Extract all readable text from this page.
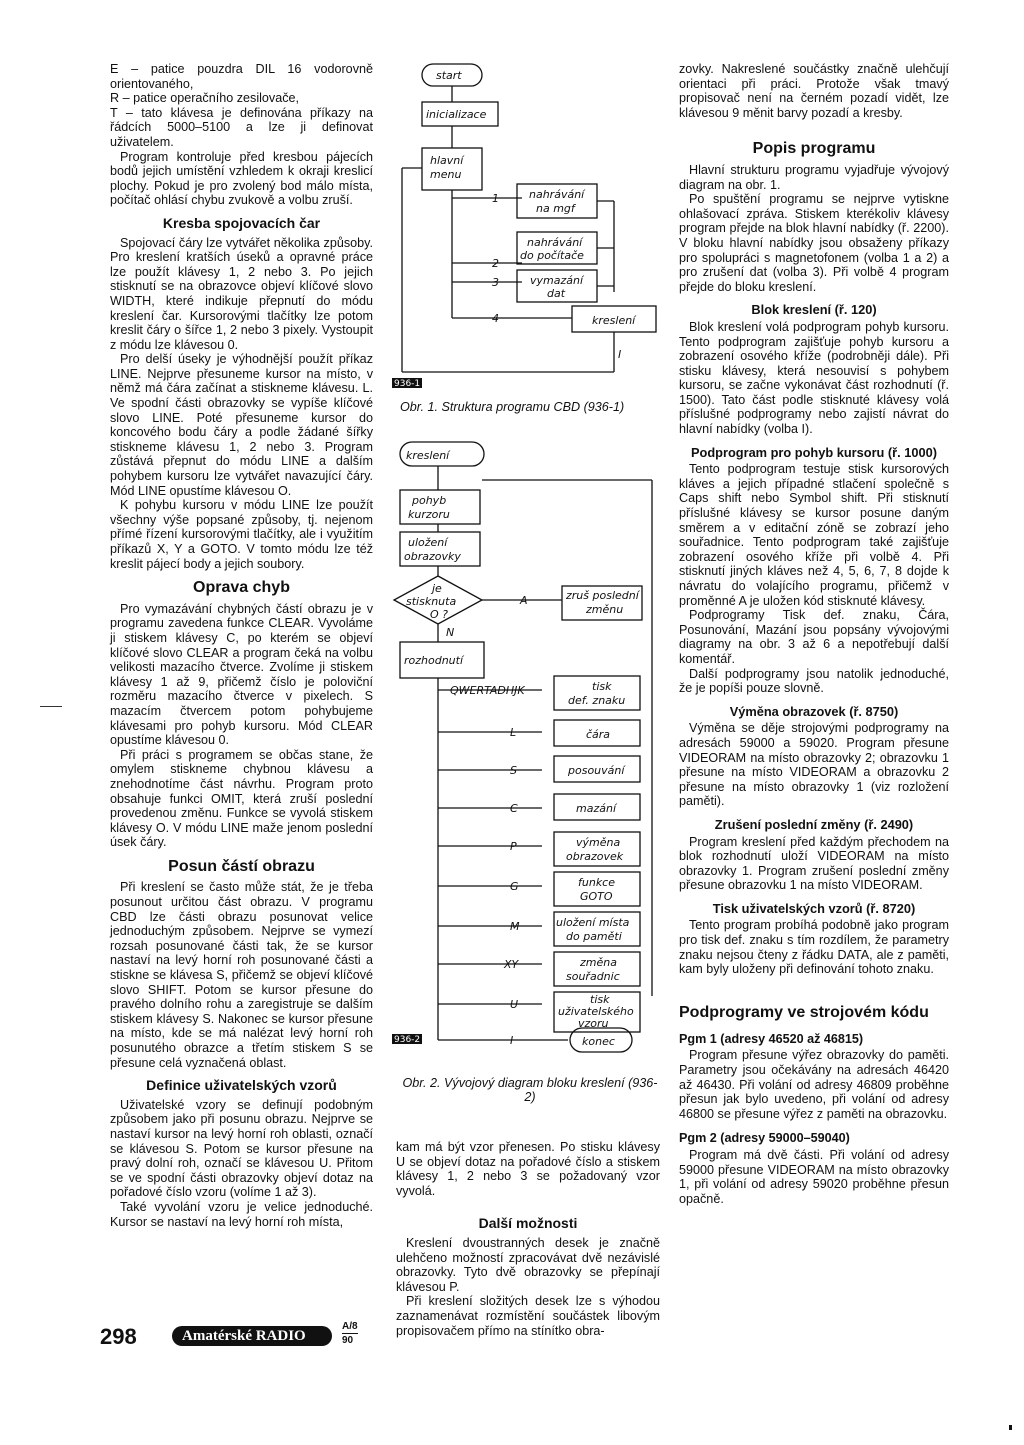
E – patice pouzdra DIL 16 vodorovně orientovaného,

R – patice operačního zesilovače,

T – tato klávesa je definována příkazy na řádcích 5000–5100 a lze ji definovat uživatelem.

Program kontroluje před kresbou pájecích bodů jejich umístění vzhledem k okraji kreslicí plochy. Pokud je pro zvolený bod málo místa, počítač ohlásí chybu zvukově a volbu zruší.

Kresba spojovacích čar

Spojovací čáry lze vytvářet několika způsoby. Pro kreslení kratších úseků a opravné práce lze použít klávesy 1, 2 nebo 3. Po jejich stisknutí se na obrazovce objeví klíčové slovo WIDTH, které indikuje přepnutí do módu kreslení čar. Kursorovými tlačítky lze potom kreslit čáry o šířce 1, 2 nebo 3 pixely. Vystoupit z módu lze klávesou 0.

Pro delší úseky je výhodnější použít příkaz LINE. Nejprve přesuneme kursor na místo, v němž má čára začínat a stiskneme klávesu. L. Ve spodní části obrazovky se vypíše klíčové slovo LINE. Poté přesuneme kursor do koncového bodu čáry a podle žádané šířky stiskneme klávesu 1, 2 nebo 3. Program zůstává přepnut do módu LINE a dalším pohybem kursoru lze vytvářet navazující čáry. Mód LINE opustíme klávesou O.

K pohybu kursoru v módu LINE lze použít všechny výše popsané způsoby, tj. nejenom přímé řízení kursorovými tlačítky, ale i využitím příkazů X, Y a GOTO. V tomto módu lze též kreslit pájecí body a jejich soubory.

Oprava chyb

Pro vymazávání chybných částí obrazu je v programu zavedena funkce CLEAR. Vyvoláme ji stiskem klávesy C, po kterém se objeví klíčové slovo CLEAR a program čeká na volbu velikosti mazacího čtverce. Zvolíme ji stiskem klávesy 1 až 9, přičemž číslo je poloviční rozměru mazacího čtverce v pixelech. S mazacím čtvercem potom pohybujeme klávesami pro pohyb kursoru. Mód CLEAR opustíme klávesou 0.

Při práci s programem se občas stane, že omylem stiskneme chybnou klávesu a znehodnotíme část návrhu. Program proto obsahuje funkci OMIT, která zruší poslední provedenou změnu. Funkce se vyvolá stiskem klávesy O. V módu LINE maže jenom poslední úsek čáry.

Posun částí obrazu

Při kreslení se často může stát, že je třeba posunout určitou část obrazu. V programu CBD lze části obrazu posunovat velice jednoduchým způsobem. Nejprve se vymezí rozsah posunované části tak, že se kursor nastaví na levý horní roh posunované části a stiskne se klávesa S, přičemž se objeví klíčové slovo SHIFT. Potom se kursor přesune do pravého dolního rohu a zaregistruje se dalším stiskem klávesy S. Nakonec se kursor přesune na místo, kde se má nalézat levý horní roh posunutého obrazce a třetím stiskem S se přesune celá vyznačená oblast.

Definice uživatelských vzorů

Uživatelské vzory se definují podobným způsobem jako při posunu obrazu. Nejprve se nastaví kursor na levý horní roh oblasti, označí se klávesou S. Potom se kursor přesune na pravý dolní roh, označí se klávesou U. Přitom se ve spodní části obrazovky objeví dotaz na pořadové číslo vzoru (volíme 1 až 3).

Také vyvolání vzoru je velice jednoduché. Kursor se nastaví na levý horní roh místa,

start
inicializace
hlavní
menu
1
2
3
4
nahrávání
na mgf
nahrávání
do počítače
vymazání
dat
kreslení
I
936-1
Obr. 1. Struktura programu CBD (936-1)
kreslení
pohyb
kurzoru
uložení
obrazovky
je
stisknuta
O ?
A
N
zruš poslední
změnu
rozhodnutí
QWERTADHJK
L
S
C
P
G
M
XY
U
I
tisk
def. znaku
čára
posouvání
mazání
výměna
obrazovek
funkce
GOTO
uložení místa
do paměti
změna
souřadnic
tisk
uživatelského
vzoru
konec
936-2
Obr. 2. Vývojový diagram bloku kreslení (936-2)

kam má být vzor přenesen. Po stisku klávesy U se objeví dotaz na pořadové číslo a stiskem klávesy 1, 2 nebo 3 se požadovaný vzor vyvolá.

Další možnosti

Kreslení dvoustranných desek je značně ulehčeno možností zpracovávat dvě nezávislé obrazovky. Tyto dvě obrazovky se přepínají klávesou P.

Při kreslení složitých desek lze s výhodou zaznamenávat rozmístění součástek libovým propisovačem přímo na stínítko obra-

zovky. Nakreslené součástky značně ulehčují orientaci při práci. Protože však tmavý propisovač není na černém pozadí vidět, lze klávesou 9 měnit barvy pozadí a kresby.

Popis programu

Hlavní strukturu programu vyjadřuje vývojový diagram na obr. 1.

Po spuštění programu se nejprve vytiskne ohlašovací zpráva. Stiskem kterékoliv klávesy program přejde na blok hlavní nabídky (ř. 2200). V bloku hlavní nabídky jsou obsaženy příkazy pro spolupráci s magnetofonem (volba 1 a 2) a pro zrušení dat (volba 3). Při volbě 4 program přejde do bloku kreslení.

Blok kreslení (ř. 120)

Blok kreslení volá podprogram pohyb kursoru. Tento podprogram zajišťuje pohyb kursoru a zobrazení osového kříže (podrobněji dále). Při stisku klávesy, která nesouvisí s pohybem kursoru, se začne vykonávat část rozhodnutí (ř. 1500). Tato část podle stisknuté klávesy volá příslušné podprogramy nebo zajistí návrat do hlavní nabídky (volba I).

Podprogram pro pohyb kursoru (ř. 1000)

Tento podprogram testuje stisk kursorových kláves a jejich případné stlačení společně s Caps shift nebo Symbol shift. Při stisknutí příslušné klávesy se kursor posune daným směrem a v editační zóně se zobrazí jeho souřadnice. Tento podprogram také zajišťuje zobrazení osového kříže při volbě 4. Při stisknutí jiných kláves než 4, 5, 6, 7, 8 dojde k návratu do volajícího programu, přičemž v proměnné A je uložen kód stisknuté klávesy.

Podprogramy Tisk def. znaku, Čára, Posunování, Mazání jsou popsány vývojovými diagramy na obr. 3 až 6 a nepotřebují další komentář.

Další podprogramy jsou natolik jednoduché, že je popíši pouze slovně.

Výměna obrazovek (ř. 8750)

Výměna se děje strojovými podprogramy na adresách 59000 a 59020. Program přesune VIDEORAM na místo obrazovky 2; obrazovku 1 přesune na místo VIDEORAM a obrazovku 2 přesune na místo obrazovky 1 (viz rozložení paměti).

Zrušení poslední změny (ř. 2490)

Program kreslení před každým přechodem na blok rozhodnutí uloží VIDEORAM na místo obrazovky 1. Program zrušení poslední změny přesune obrazovku 1 na místo VIDEORAM.

Tisk uživatelských vzorů (ř. 8720)

Tento program probíhá podobně jako program pro tisk def. znaku s tím rozdílem, že parametry znaku nejsou čteny z řádku DATA, ale z paměti, kam byly uloženy při definování tohoto znaku.

Podprogramy ve strojovém kódu
Pgm 1 (adresy 46520 až 46815)

Program přesune výřez obrazovky do paměti. Parametry jsou očekávány na adresách 46420 až 46430. Při volání od adresy 46809 proběhne přesun jak bylo uvedeno, při volání od adresy 46800 se přesune výřez z paměti na obrazovku.

Pgm 2 (adresy 59000–59040)

Program má dvě části. Při volání od adresy 59000 přesune VIDEORAM na místo obrazovky 1, při volání od adresy 59020 proběhne přesun opačně.

298	Amatérské RADIO
A/8
90
